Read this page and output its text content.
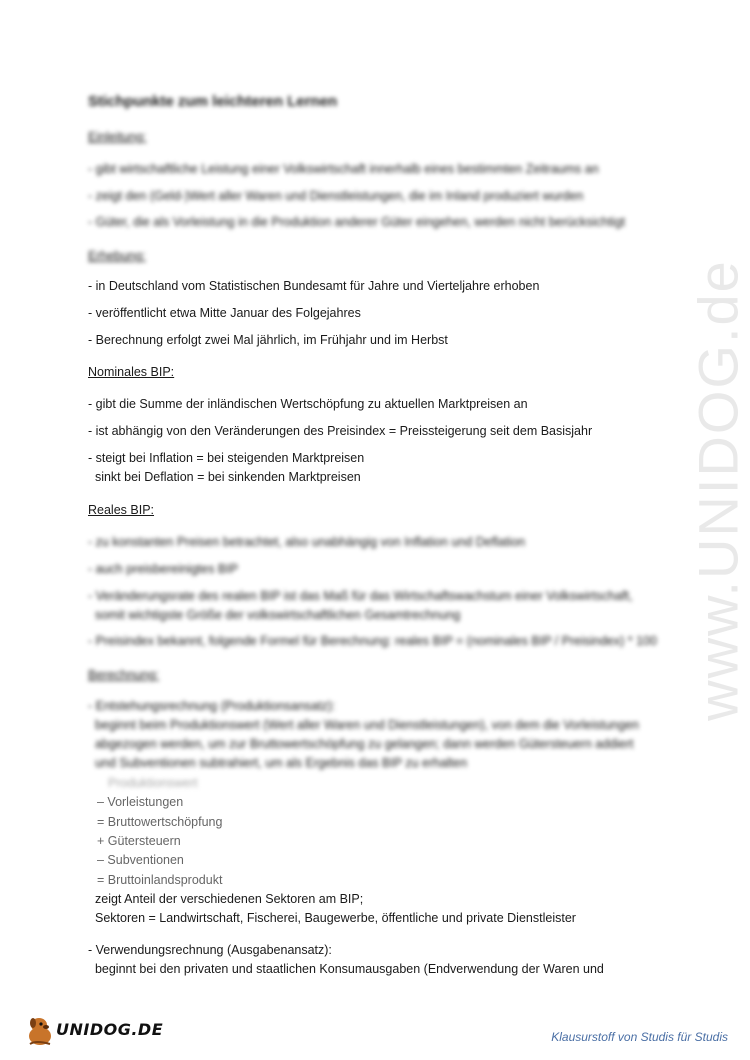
www.UNIDOG.de
Stichpunkte zum leichteren Lernen
Einleitung:
- gibt wirtschaftliche Leistung einer Volkswirtschaft innerhalb eines bestimmten Zeitraums an
- zeigt den (Geld-)Wert aller Waren und Dienstleistungen, die im Inland produziert wurden
- Güter, die als Vorleistung in die Produktion anderer Güter eingehen, werden nicht berücksichtigt
Erhebung:
- in Deutschland vom Statistischen Bundesamt für Jahre und Vierteljahre erhoben
- veröffentlicht etwa Mitte Januar des Folgejahres
- Berechnung erfolgt zwei Mal jährlich, im Frühjahr und im Herbst
Nominales BIP:
- gibt die Summe der inländischen Wertschöpfung zu aktuellen Marktpreisen an
- ist abhängig von den Veränderungen des Preisindex = Preissteigerung seit dem Basisjahr
- steigt bei Inflation = bei steigenden Marktpreisen
sinkt bei Deflation = bei sinkenden Marktpreisen
Reales BIP:
- zu konstanten Preisen betrachtet, also unabhängig von Inflation und Deflation
- auch preisbereinigtes BIP
- Veränderungsrate des realen BIP ist das Maß für das Wirtschaftswachstum einer Volkswirtschaft,
somit wichtigste Größe der volkswirtschaftlichen Gesamtrechnung
- Preisindex bekannt, folgende Formel für Berechnung: reales BIP = (nominales BIP / Preisindex) * 100
Berechnung:
- Entstehungsrechnung (Produktionsansatz):
beginnt beim Produktionswert (Wert aller Waren und Dienstleistungen), von dem die Vorleistungen
abgezogen werden, um zur Bruttowertschöpfung zu gelangen; dann werden Gütersteuern addiert
und Subventionen subtrahiert, um als Ergebnis das BIP zu erhalten
Produktionswert
– Vorleistungen
= Bruttowertschöpfung
+ Gütersteuern
– Subventionen
= Bruttoinlandsprodukt
zeigt Anteil der verschiedenen Sektoren am BIP;
Sektoren = Landwirtschaft, Fischerei, Baugewerbe, öffentliche und private Dienstleister
- Verwendungsrechnung (Ausgabenansatz):
beginnt bei den privaten und staatlichen Konsumausgaben (Endverwendung der Waren und
UNIDOG.DE	Klausurstoff von Studis für Studis
